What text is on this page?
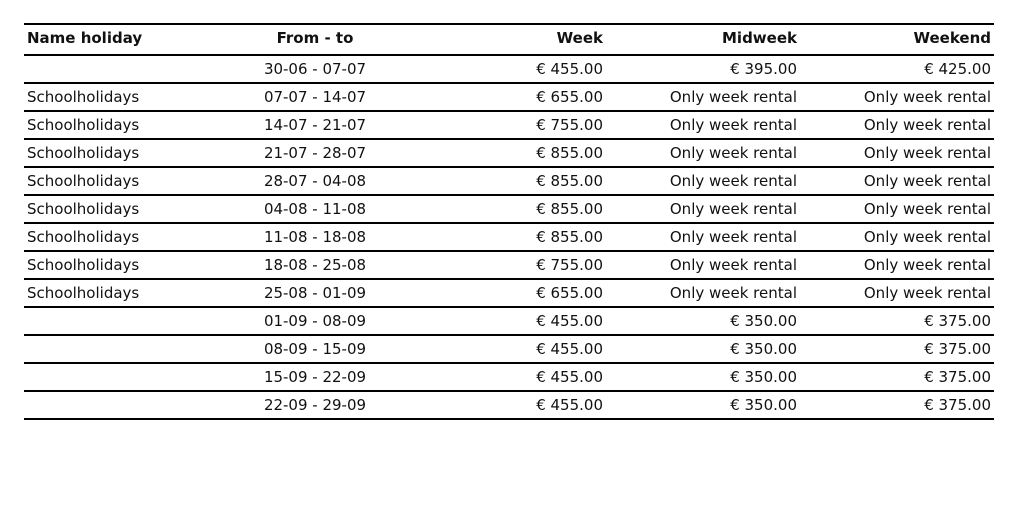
Name holiday	From - to	Week	Midweek	Weekend
	30-06 - 07-07	€ 455.00	€ 395.00	€ 425.00
Schoolholidays	07-07 - 14-07	€ 655.00	Only week rental	Only week rental
Schoolholidays	14-07 - 21-07	€ 755.00	Only week rental	Only week rental
Schoolholidays	21-07 - 28-07	€ 855.00	Only week rental	Only week rental
Schoolholidays	28-07 - 04-08	€ 855.00	Only week rental	Only week rental
Schoolholidays	04-08 - 11-08	€ 855.00	Only week rental	Only week rental
Schoolholidays	11-08 - 18-08	€ 855.00	Only week rental	Only week rental
Schoolholidays	18-08 - 25-08	€ 755.00	Only week rental	Only week rental
Schoolholidays	25-08 - 01-09	€ 655.00	Only week rental	Only week rental
	01-09 - 08-09	€ 455.00	€ 350.00	€ 375.00
	08-09 - 15-09	€ 455.00	€ 350.00	€ 375.00
	15-09 - 22-09	€ 455.00	€ 350.00	€ 375.00
	22-09 - 29-09	€ 455.00	€ 350.00	€ 375.00
